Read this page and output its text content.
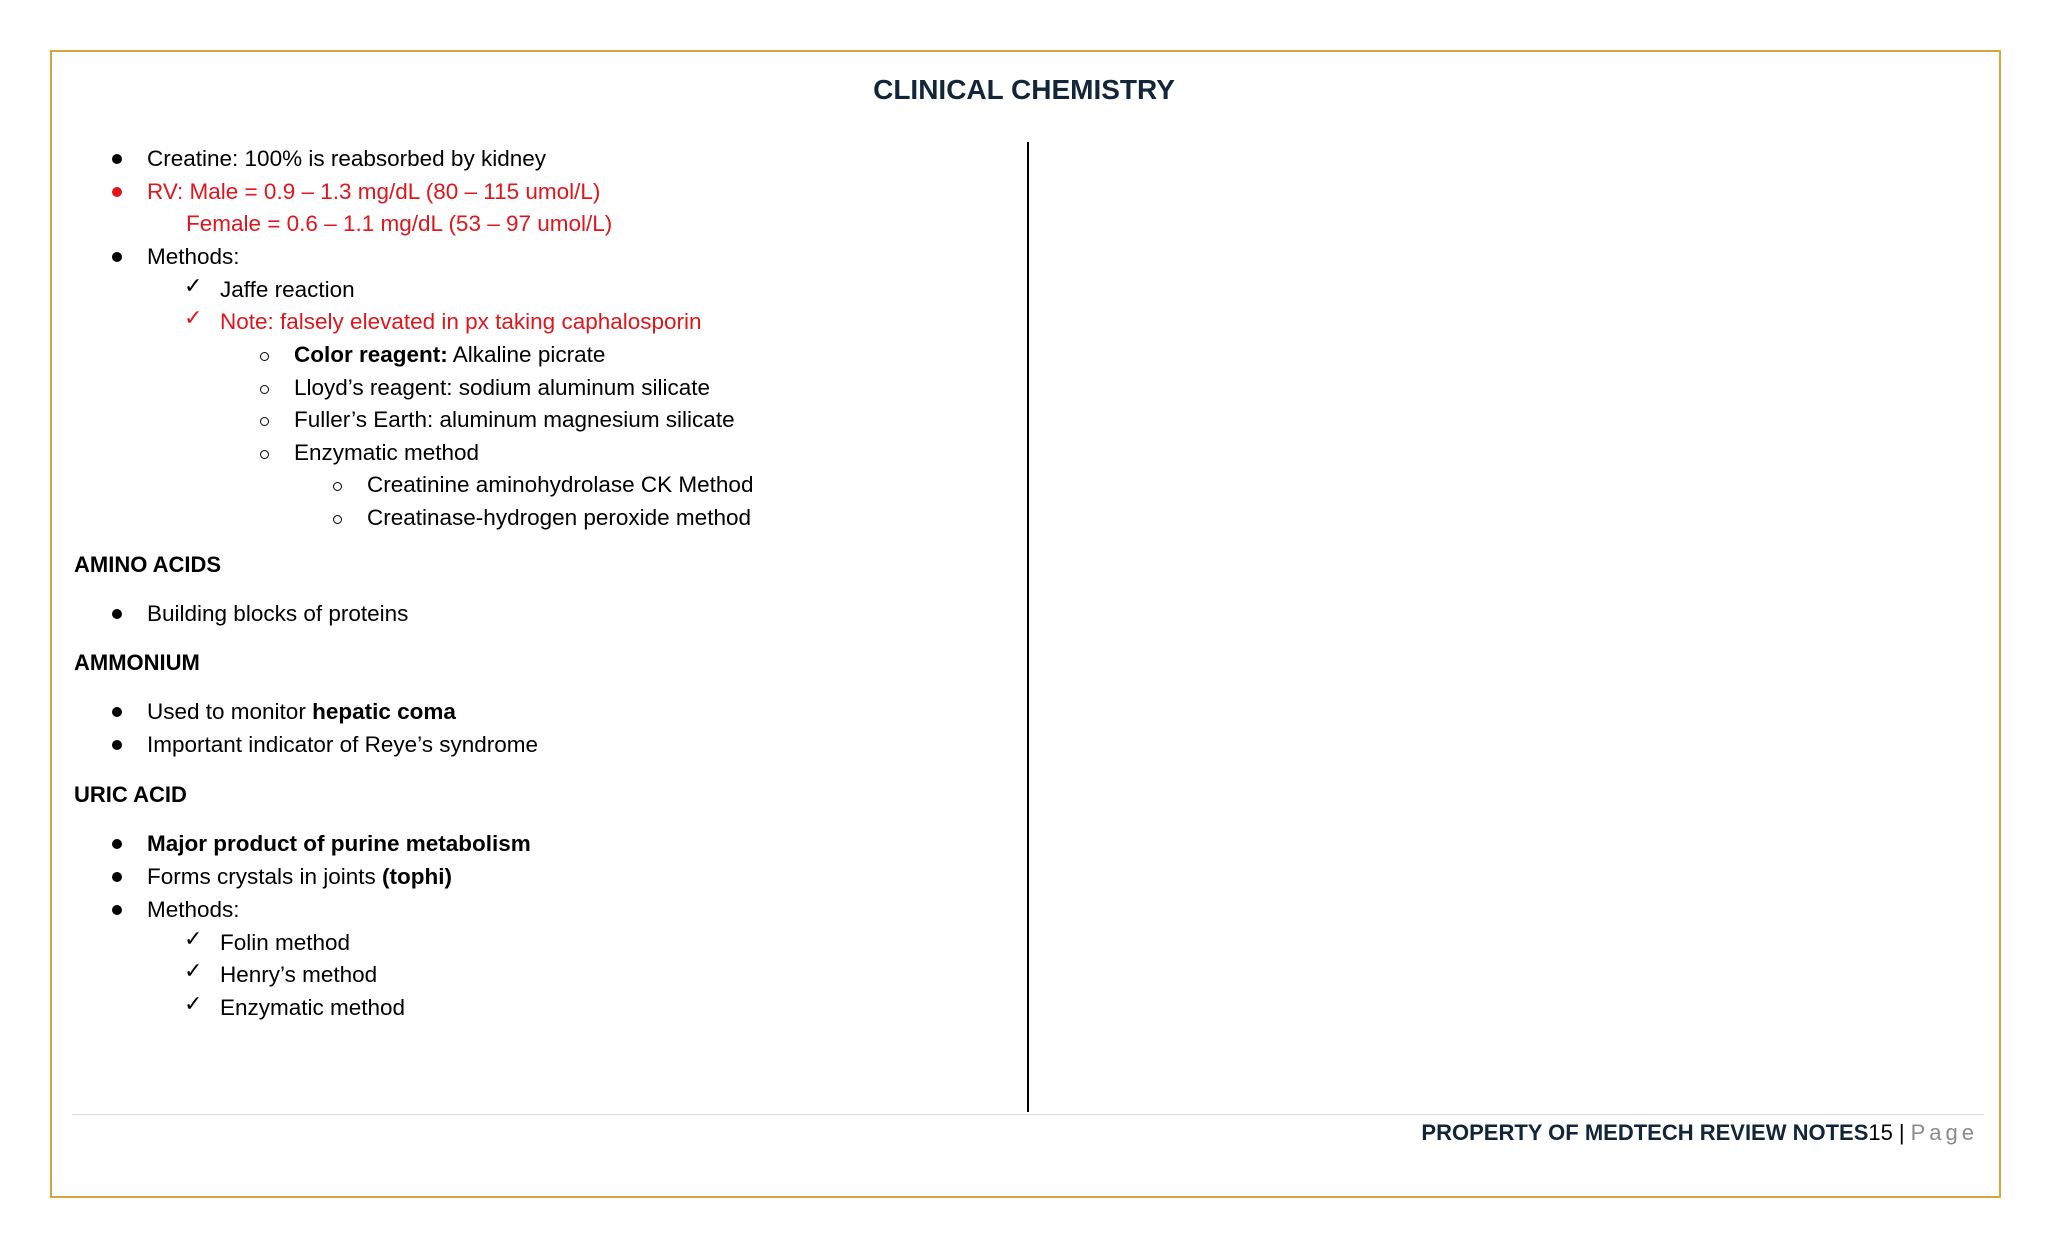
CLINICAL CHEMISTRY
Creatine: 100% is reabsorbed by kidney
RV: Male = 0.9 – 1.3 mg/dL (80 – 115 umol/L)
Female = 0.6 – 1.1 mg/dL (53 – 97 umol/L)
Methods:
✓ Jaffe reaction
✓ Note: falsely elevated in px taking caphalosporin
Color reagent: Alkaline picrate
Lloyd’s reagent: sodium aluminum silicate
Fuller’s Earth: aluminum magnesium silicate
Enzymatic method
Creatinine aminohydrolase CK Method
Creatinase-hydrogen peroxide method
AMINO ACIDS
Building blocks of proteins
AMMONIUM
Used to monitor hepatic coma
Important indicator of Reye’s syndrome
URIC ACID
Major product of purine metabolism
Forms crystals in joints (tophi)
Methods:
✓ Folin method
✓ Henry’s method
✓ Enzymatic method
PROPERTY OF MEDTECH REVIEW NOTES15 | Page
